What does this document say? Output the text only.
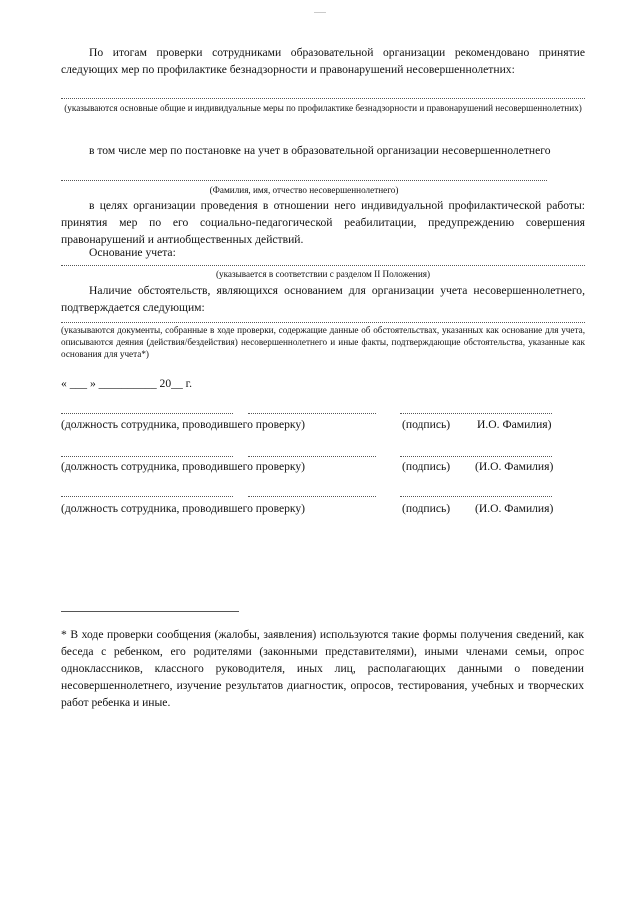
......
По итогам проверки сотрудниками образовательной организации рекомендовано принятие следующих мер по профилактике безнадзорности и правонарушений несовершеннолетних:
(указываются основные общие и индивидуальные меры по профилактике безнадзорности и правонарушений несовершеннолетних)
в том числе мер по постановке на учет в образовательной организации несовершеннолетнего
(Фамилия, имя, отчество несовершеннолетнего)
в целях организации проведения в отношении него индивидуальной профилактической работы: принятия мер по его социально-педагогической реабилитации, предупреждению совершения правонарушений и антиобщественных действий.
Основание учета:
(указывается в соответствии с разделом II Положения)
Наличие обстоятельств, являющихся основанием для организации учета несовершеннолетнего, подтверждается следующим:
(указываются документы, собранные в ходе проверки, содержащие данные об обстоятельствах, указанных как основание для учета, описываются деяния (действия/бездействия) несовершеннолетнего и иные факты, подтверждающие обстоятельства, указанные как основания для учета*)
« ___ » __________ 20__ г.
(должность сотрудника, проводившего проверку)	(подпись) И.О. Фамилия)
(должность сотрудника, проводившего проверку)	(подпись) (И.О. Фамилия)
(должность сотрудника, проводившего проверку)	(подпись) (И.О. Фамилия)
* В ходе проверки сообщения (жалобы, заявления) используются такие формы получения сведений, как беседа с ребенком, его родителями (законными представителями), иными членами семьи, опрос одноклассников, классного руководителя, иных лиц, располагающих данными о поведении несовершеннолетнего, изучение результатов диагностик, опросов, тестирования, учебных и творческих работ ребенка и иные.
